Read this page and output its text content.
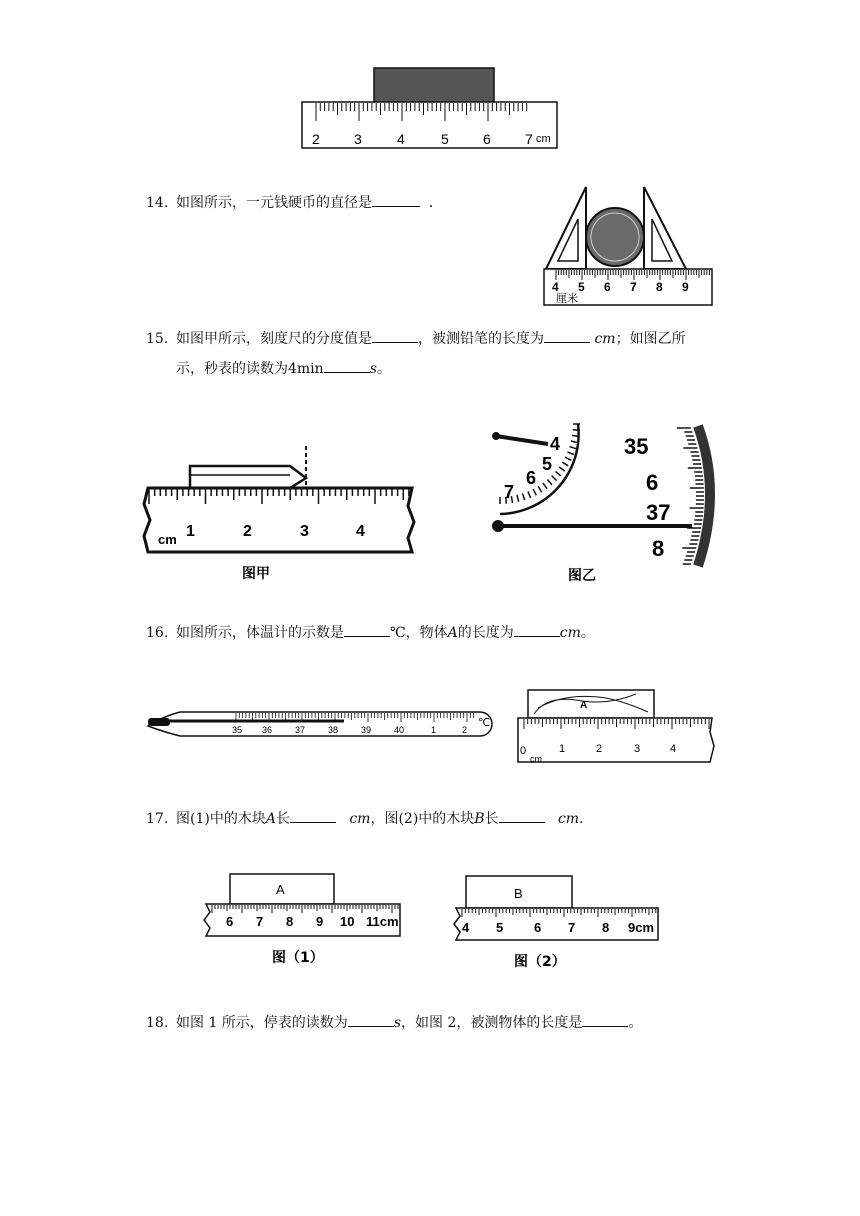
2 3	4	5 6 7 cm
14. 如图所示，一元钱硬币的直径是	．
4 5 6 7 8 9
厘米
15. 如图甲所示，刻度尺的分度值是	，被测铅笔的长度为	cm；如图乙所
示，秒表的读数为4min	s。
cm 1	2	3	4
图甲
4
5
6
7
35
6
37
8
图乙
16. 如图所示，体温计的示数是	℃，物体A的长度为	cm。
35 36	37	38	39	40	1	2
℃
A
0	1	2	3	4
cm
17. 图(1)中的木块A长	cm，图(2)中的木块B长	cm．
A
6 7 8 9 10 11cm
图（1）
B
4 5 6 7 8 9cm
图（2）
18. 如图 1 所示，停表的读数为	s，如图 2，被测物体的长度是	。
